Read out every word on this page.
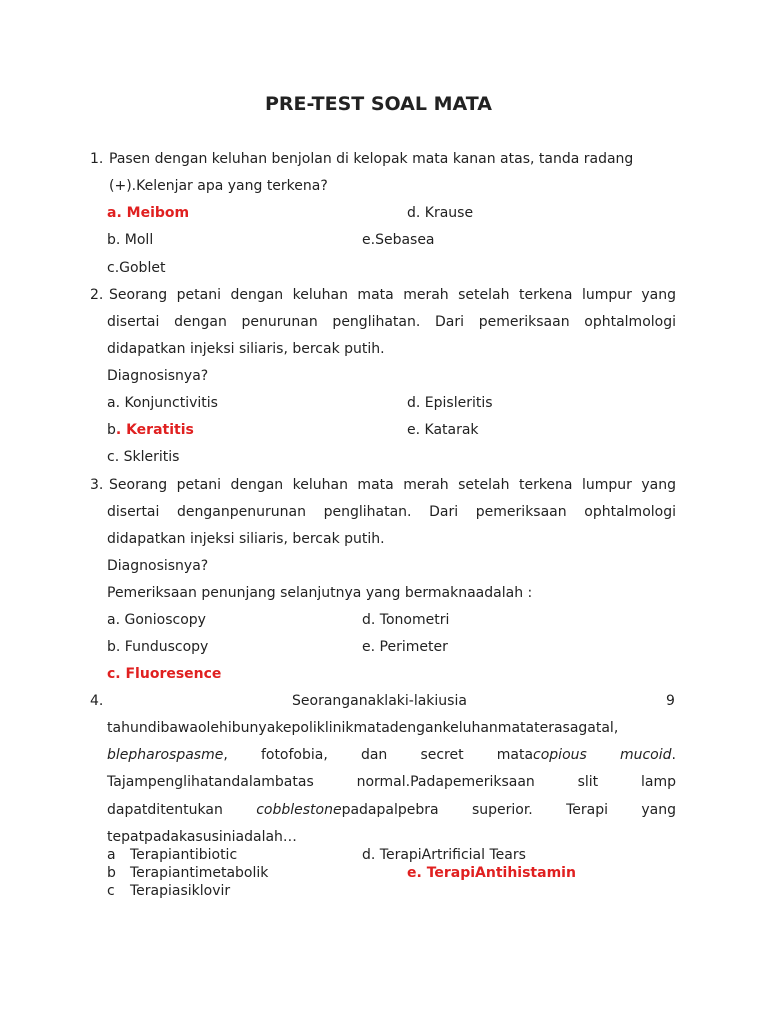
PRE-TEST SOAL MATA
1. Pasen dengan keluhan benjolan di kelopak mata kanan atas, tanda radang
(+).Kelenjar apa yang terkena?
a. Meibom	d. Krause
b. Moll	e.Sebasea
c.Goblet
2. Seorang petani dengan keluhan mata merah setelah terkena lumpur yang
disertai dengan penurunan penglihatan. Dari pemeriksaan ophtalmologi
didapatkan injeksi siliaris, bercak putih.
Diagnosisnya?
a. Konjunctivitis	d. Episleritis
b. Keratitis	e. Katarak
c. Skleritis
3. Seorang petani dengan keluhan mata merah setelah terkena lumpur yang
disertai denganpenurunan penglihatan. Dari pemeriksaan ophtalmologi
didapatkan injeksi siliaris, bercak putih.
Diagnosisnya?
Pemeriksaan penunjang selanjutnya yang bermaknaadalah :
a. Gonioscopy	d. Tonometri
b. Funduscopy	e. Perimeter
c. Fluoresence
4.	Seoranganaklaki-lakiusia	9
tahundibawaolehibunyakepoliklinikmatadengankeluhanmataterasagatal,
blepharospasme, fotofobia, dan secret matacopious mucoid.
Tajampenglihatandalambatas	normal.Padapemeriksaan	slit	lamp
dapatditentukan cobblestonepadapalpebra superior. Terapi yang
tepatpadakasusiniadalah…
a Terapiantibiotic	d. TerapiArtrificial Tears
b Terapiantimetabolik	e. TerapiAntihistamin
c Terapiasiklovir
